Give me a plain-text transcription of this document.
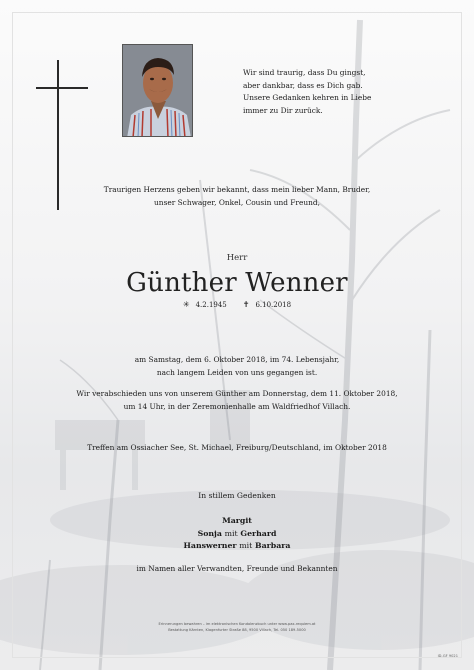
Wir sind traurig, dass Du gingst,
aber dankbar, dass es Dich gab.
Unsere Gedanken kehren in Liebe
immer zu Dir zurück.
Traurigen Herzens geben wir bekannt, dass mein lieber Mann, Bruder,
unser Schwager, Onkel, Cousin und Freund,
Herr
Günther Wenner
✳ 4.2.1945 ✝ 6.10.2018
am Samstag, dem 6. Oktober 2018, im 74. Lebensjahr,
nach langem Leiden von uns gegangen ist.
Wir verabschieden uns von unserem Günther am Donnerstag, dem 11. Oktober 2018,
um 14 Uhr, in der Zeremonienhalle am Waldfriedhof Villach.
Treffen am Ossiacher See, St. Michael, Freiburg/Deutschland, im Oktober 2018
In stillem Gedenken
Margit
Sonja mit Gerhard
Hanswerner mit Barbara
im Namen aller Verwandten, Freunde und Bekannten
Erinnerungen bewahren – im elektronischen Kondolenzbuch unter www.pax-requiem.at
Bestattung Kärnten, Klagenfurter Straße 88, 9500 Villach, Tel. 050 189-5000
ID-GF 9021
